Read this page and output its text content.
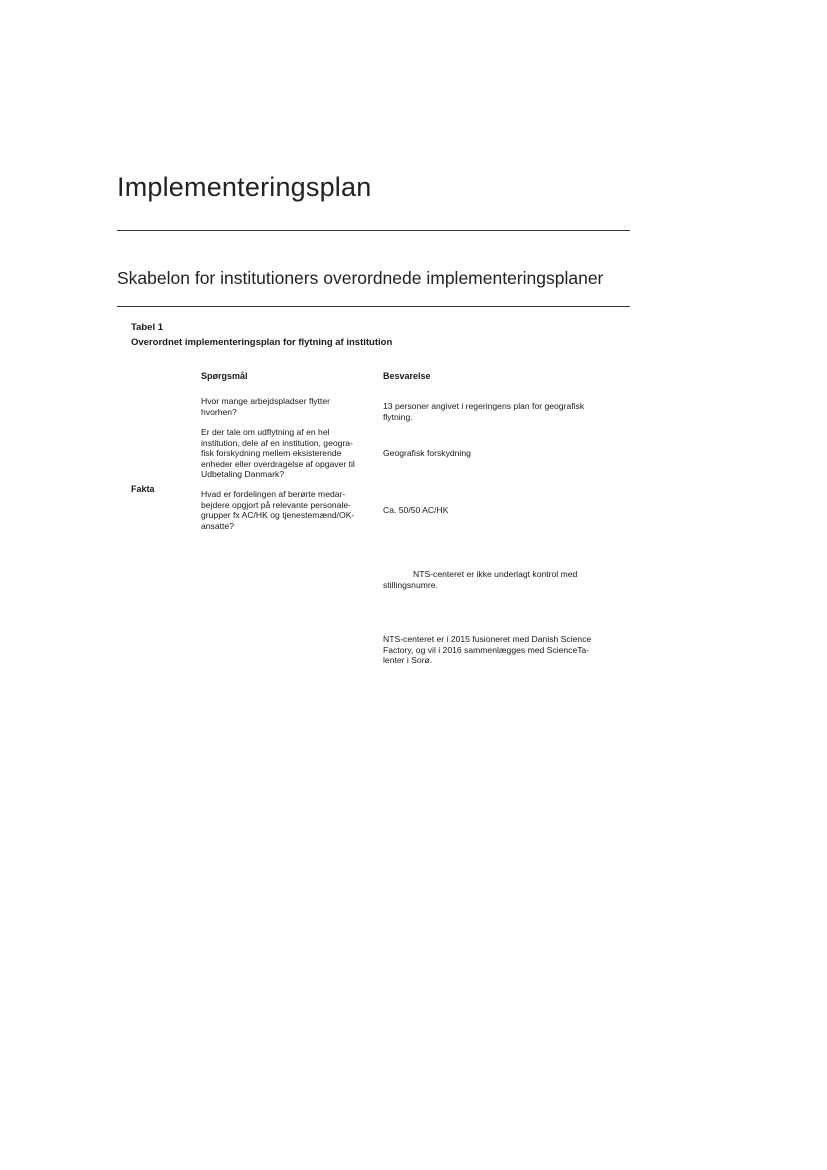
Implementeringsplan
Skabelon for institutioners overordnede implementeringsplaner
Tabel 1
Overordnet implementeringsplan for flytning af institution
Spørgsmål	Besvarelse
Hvor mange arbejdspladser flytter
hvorhen?
13 personer angivet i regeringens plan for geografisk
flytning.
Er der tale om udflytning af en hel
institution, dele af en institution, geogra-
fisk forskydning mellem eksisterende
enheder eller overdragelse af opgaver til
Udbetaling Danmark?
Geografisk forskydning
Fakta	Hvad er fordelingen af berørte medar-
bejdere opgjort på relevante personale-
grupper fx AC/HK og tjenestemænd/OK-
ansatte?
Ca. 50/50 AC/HK
NTS-centeret er ikke underlagt kontrol med
stillingsnumre.
NTS-centeret er i 2015 fusioneret med Danish Science
Factory, og vil i 2016 sammenlægges med ScienceTa-
lenter i Sorø.
